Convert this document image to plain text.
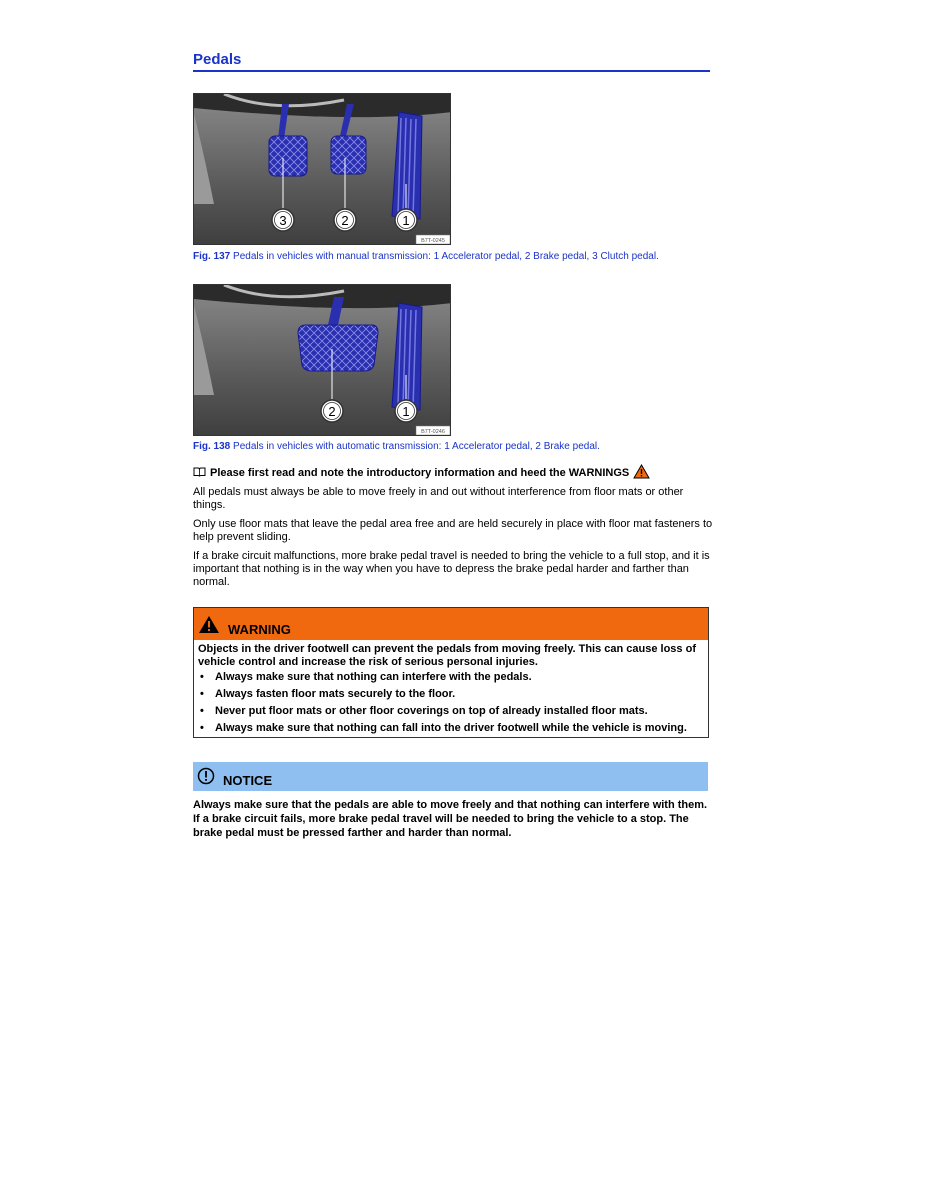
Pedals
3	2	1
B7T-0245
Fig. 137 Pedals in vehicles with manual transmission: 1 Accelerator pedal, 2 Brake pedal, 3 Clutch pedal.
2	1
B7T-0246
Fig. 138 Pedals in vehicles with automatic transmission: 1 Accelerator pedal, 2 Brake pedal.
Please first read and note the introductory information and heed the WARNINGS
All pedals must always be able to move freely in and out without interference from floor mats or other things.
Only use floor mats that leave the pedal area free and are held securely in place with floor mat fasteners to help prevent sliding.
If a brake circuit malfunctions, more brake pedal travel is needed to bring the vehicle to a full stop, and it is important that nothing is in the way when you have to depress the brake pedal harder and farther than normal.
WARNING
Objects in the driver footwell can prevent the pedals from moving freely. This can cause loss of vehicle control and increase the risk of serious personal injuries.
• Always make sure that nothing can interfere with the pedals.
• Always fasten floor mats securely to the floor.
• Never put floor mats or other floor coverings on top of already installed floor mats.
• Always make sure that nothing can fall into the driver footwell while the vehicle is moving.
NOTICE
Always make sure that the pedals are able to move freely and that nothing can interfere with them. If a brake circuit fails, more brake pedal travel will be needed to bring the vehicle to a stop. The brake pedal must be pressed farther and harder than normal.
